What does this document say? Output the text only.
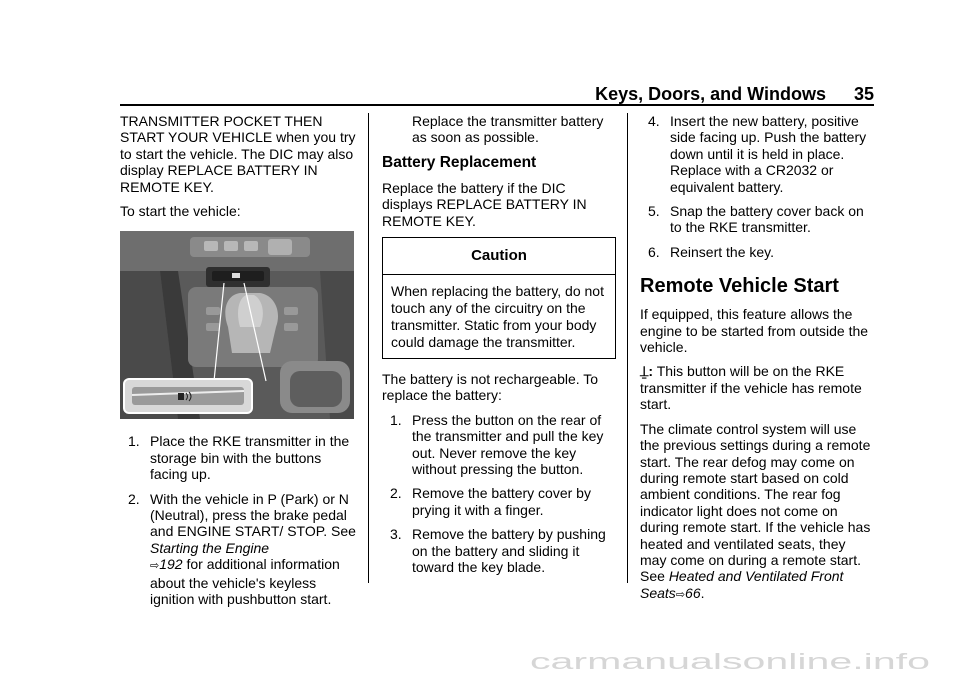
Keys, Doors, and Windows 35

TRANSMITTER POCKET THEN START YOUR VEHICLE when you try to start the vehicle. The DIC may also display REPLACE BATTERY IN REMOTE KEY.

To start the vehicle:

1. Place the RKE transmitter in the storage bin with the buttons facing up.
2. With the vehicle in P (Park) or N (Neutral), press the brake pedal and ENGINE START/ STOP. See Starting the Engine
⇨192 for additional information about the vehicle's keyless ignition with pushbutton start.
Replace the transmitter battery as soon as possible.
Battery Replacement

Replace the battery if the DIC displays REPLACE BATTERY IN REMOTE KEY.

Caution
When replacing the battery, do not touch any of the circuitry on the transmitter. Static from your body could damage the transmitter.

The battery is not rechargeable. To replace the battery:

1. Press the button on the rear of the transmitter and pull the key out. Never remove the key without pressing the button.
2. Remove the battery cover by prying it with a finger.
3. Remove the battery by pushing on the battery and sliding it toward the key blade.
4. Insert the new battery, positive side facing up. Push the battery down until it is held in place. Replace with a CR2032 or equivalent battery.
5. Snap the battery cover back on to the RKE transmitter.
6. Reinsert the key.
Remote Vehicle Start

If equipped, this feature allows the engine to be started from outside the vehicle.

⍊: This button will be on the RKE transmitter if the vehicle has remote start.

The climate control system will use the previous settings during a remote start. The rear defog may come on during remote start based on cold ambient conditions. The rear fog indicator light does not come on during remote start. If the vehicle has heated and ventilated seats, they may come on during a remote start. See Heated and Ventilated Front Seats⇨66.

carmanualsonline.info
